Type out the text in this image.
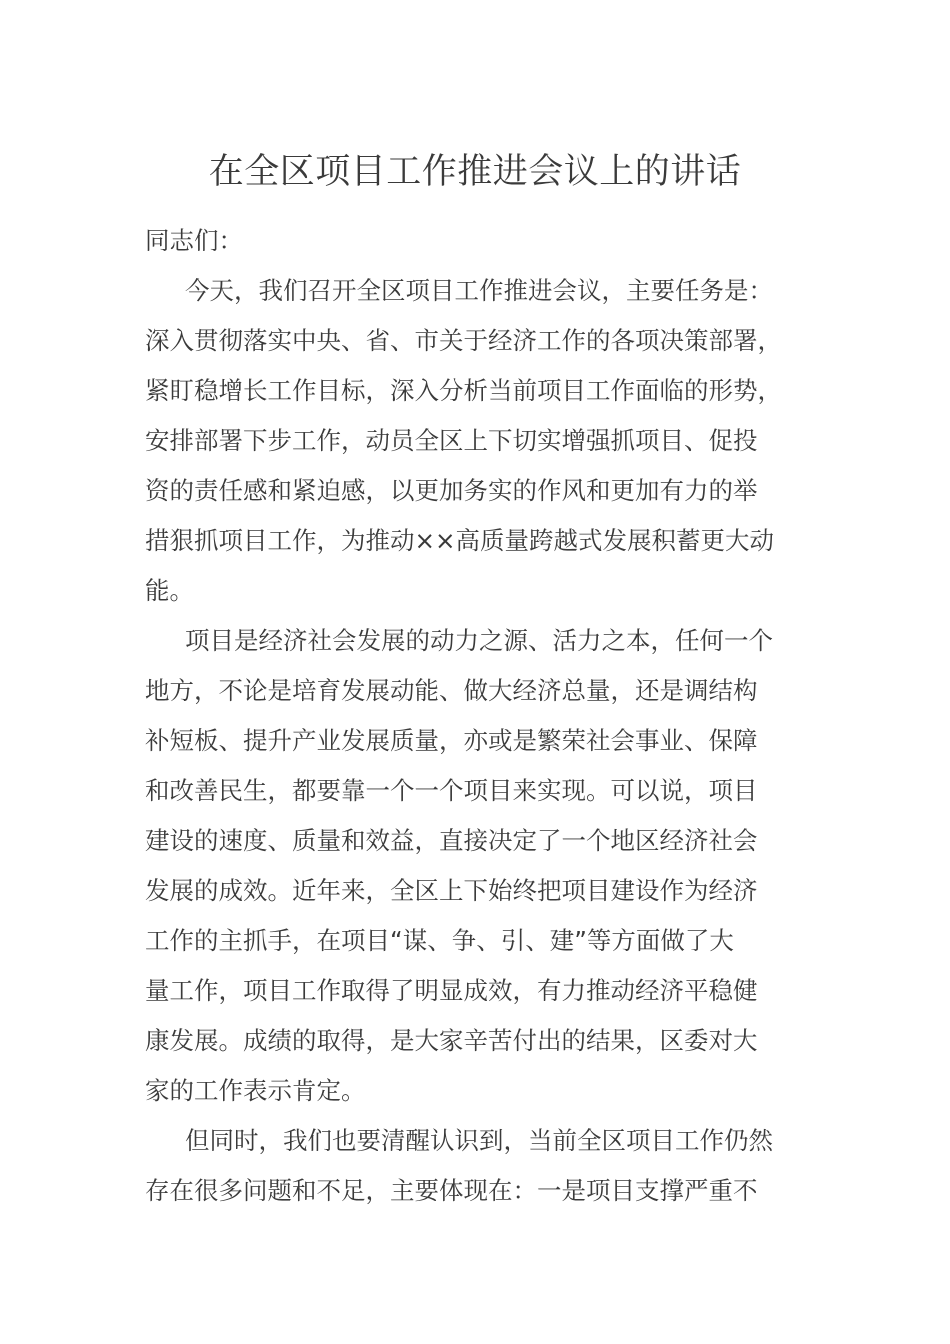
在全区项目工作推进会议上的讲话
同志们：
今天，我们召开全区项目工作推进会议，主要任务是：
深入贯彻落实中央、省、市关于经济工作的各项决策部署，
紧盯稳增长工作目标，深入分析当前项目工作面临的形势，
安排部署下步工作，动员全区上下切实增强抓项目、促投
资的责任感和紧迫感，以更加务实的作风和更加有力的举
措狠抓项目工作，为推动××高质量跨越式发展积蓄更大动
能。
项目是经济社会发展的动力之源、活力之本，任何一个
地方，不论是培育发展动能、做大经济总量，还是调结构
补短板、提升产业发展质量，亦或是繁荣社会事业、保障
和改善民生，都要靠一个一个项目来实现。可以说，项目
建设的速度、质量和效益，直接决定了一个地区经济社会
发展的成效。近年来，全区上下始终把项目建设作为经济
工作的主抓手，在项目“谋、争、引、建”等方面做了大
量工作，项目工作取得了明显成效，有力推动经济平稳健
康发展。成绩的取得，是大家辛苦付出的结果，区委对大
家的工作表示肯定。
但同时，我们也要清醒认识到，当前全区项目工作仍然
存在很多问题和不足，主要体现在：一是项目支撑严重不
